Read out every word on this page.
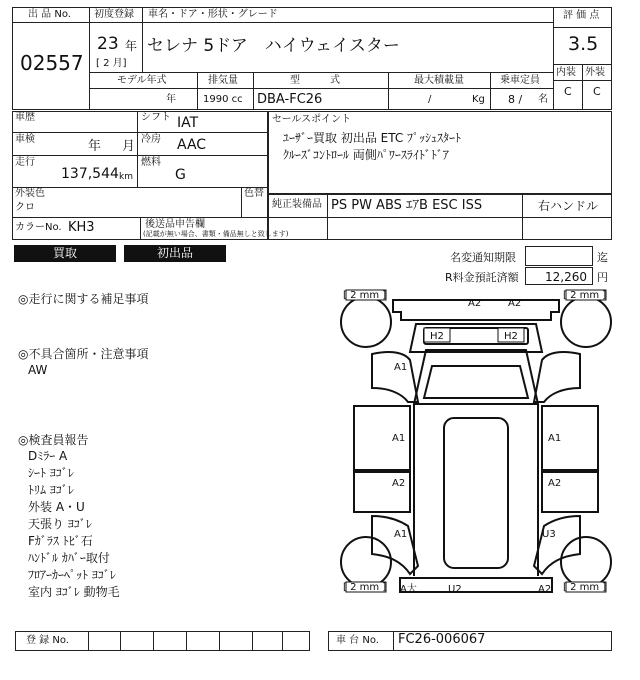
出 品 No.
02557
初度登録
23 年
[ 2 月]
車名・ドア・形状・グレード
セレナ 5ドア　ハイウェイスター
評 価 点
3.5
内装 外装
C C
モデル年式
年
排気量
1990 cc
型　　　式
DBA-FC26
最大積載量
/	Kg
乗車定員
8 / 名
車歴	シフト IAT
車検	年 月 冷房 AAC
走行
137,544 km
燃料
G
外装色
クロ
色替
カラーNo. KH3	後送品申告欄
(記載が無い場合、書類・備品無しと致します)
セールスポイント
ﾕｰｻﾞｰ買取 初出品 ETC ﾌﾟｯｼｭｽﾀｰﾄ
ｸﾙｰｽﾞｺﾝﾄﾛｰﾙ 両側ﾊﾟﾜｰｽﾗｲﾄﾞﾄﾞｱ
純正装備品 PS PW ABS ｴｱB ESC ISS	右ハンドル
買取	初出品	名変通知期限	迄
R料金預託済額 12,260 円
◎走行に関する補足事項
◎不具合箇所・注意事項
AW
◎検査員報告
Dﾐﾗｰ A
ｼｰﾄ ﾖｺﾞﾚ
ﾄﾘﾑ ﾖｺﾞﾚ
外装 A・U
天張り ﾖｺﾞﾚ
Fｶﾞﾗｽ ﾄﾋﾞ石
ﾊﾝﾄﾞﾙ ｶﾊﾞｰ取付
ﾌﾛｱｰｶｰﾍﾟｯﾄ ﾖｺﾞﾚ
室内 ﾖｺﾞﾚ 動物毛
[ 2 mm ]	[ 2 mm ]
[ 2 mm ]	[ 2 mm ]
A2	A2
H2	H2
A1
A1	A1
A2	A2
A1	U3
A大	U2	A2
登 録 No.	車 台 No. FC26-006067
